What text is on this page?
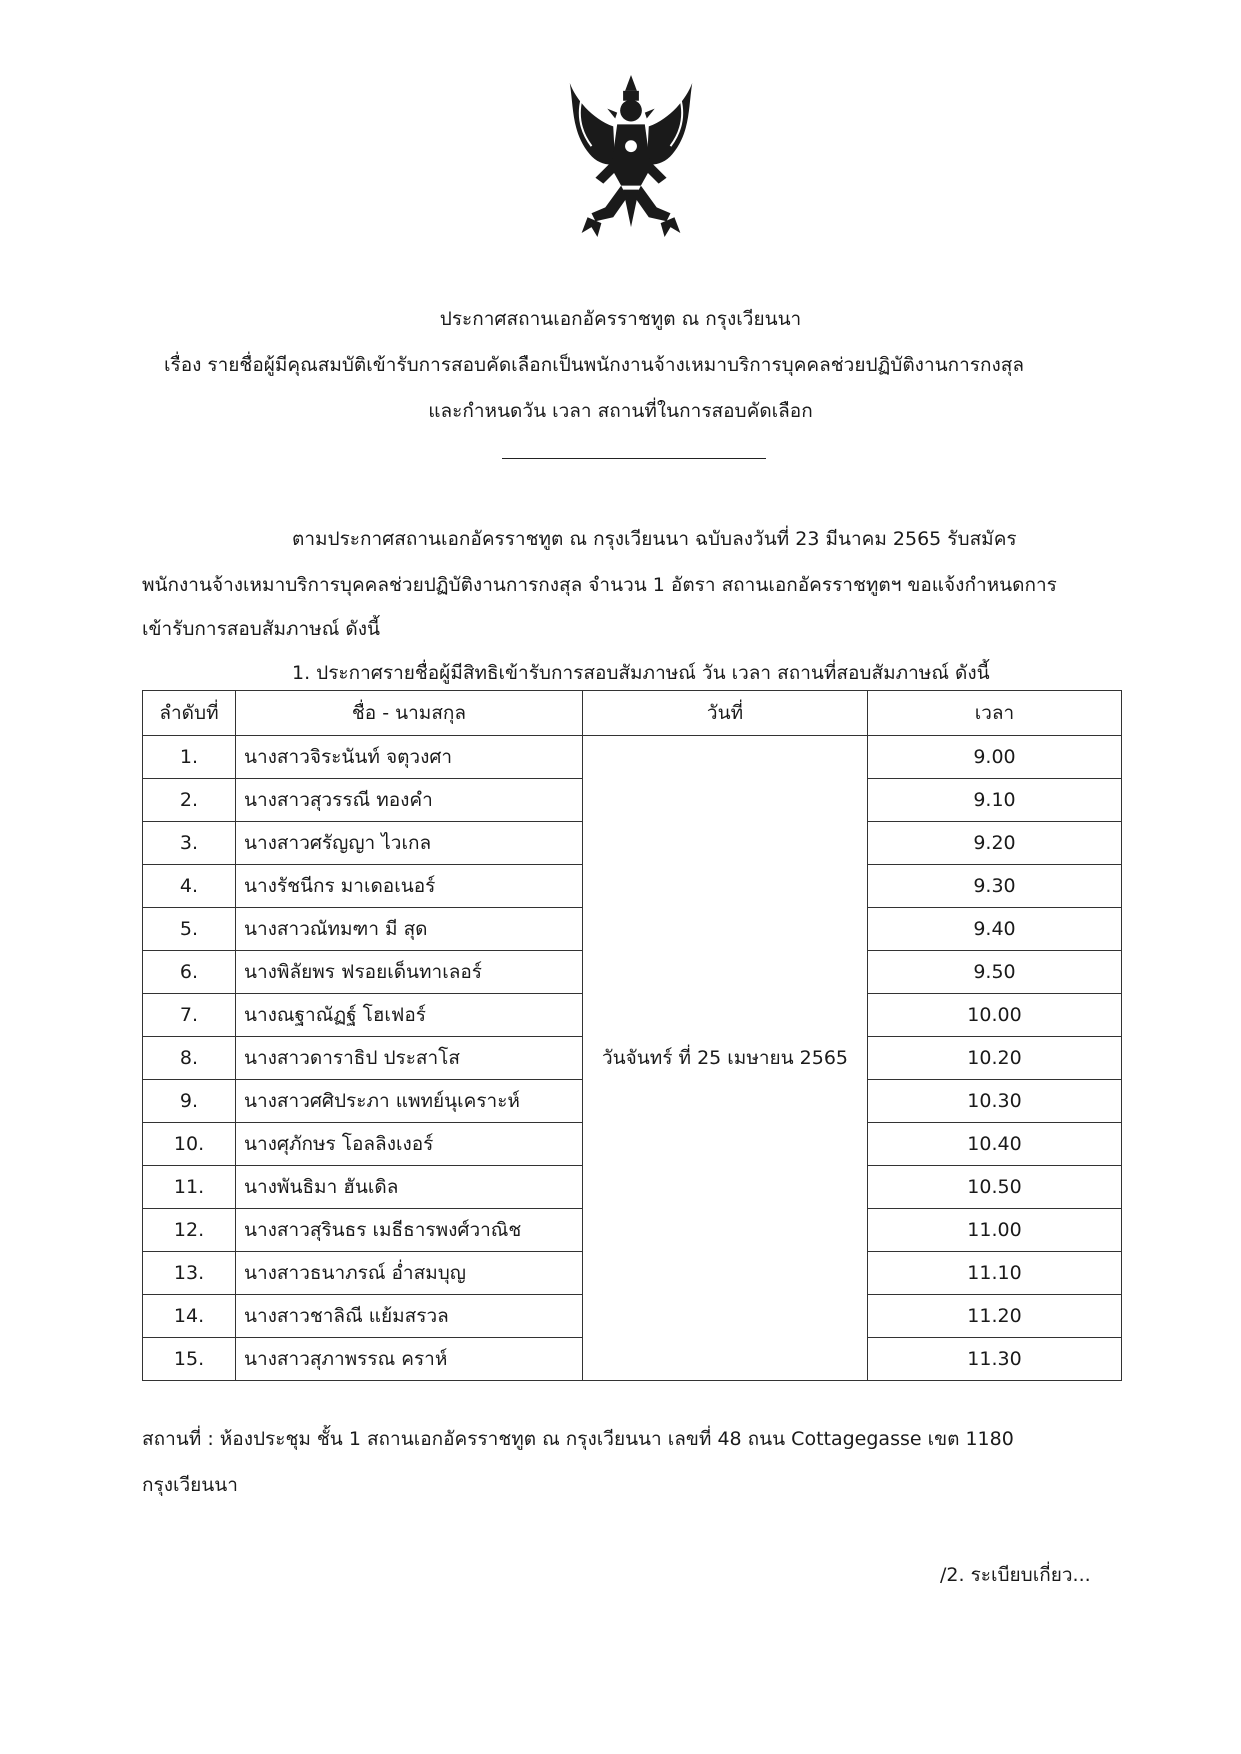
ประกาศสถานเอกอัครราชทูต ณ กรุงเวียนนา
เรื่อง รายชื่อผู้มีคุณสมบัติเข้ารับการสอบคัดเลือกเป็นพนักงานจ้างเหมาบริการบุคคลช่วยปฏิบัติงานการกงสุล
และกำหนดวัน เวลา สถานที่ในการสอบคัดเลือก
ตามประกาศสถานเอกอัครราชทูต ณ กรุงเวียนนา ฉบับลงวันที่ 23 มีนาคม 2565 รับสมัคร
พนักงานจ้างเหมาบริการบุคคลช่วยปฏิบัติงานการกงสุล จำนวน 1 อัตรา สถานเอกอัครราชทูตฯ ขอแจ้งกำหนดการ
เข้ารับการสอบสัมภาษณ์ ดังนี้
1. ประกาศรายชื่อผู้มีสิทธิเข้ารับการสอบสัมภาษณ์ วัน เวลา สถานที่สอบสัมภาษณ์ ดังนี้
ลำดับที่	ชื่อ - นามสกุล	วันที่	เวลา
1.	นางสาวจิระนันท์ จตุวงศา	วันจันทร์ ที่ 25 เมษายน 2565	9.00
2.	นางสาวสุวรรณี ทองคำ		9.10
3.	นางสาวศรัญญา ไวเกล		9.20
4.	นางรัชนีกร มาเดอเนอร์		9.30
5.	นางสาวณัทมฑา มี สุด		9.40
6.	นางพิลัยพร ฟรอยเด็นทาเลอร์		9.50
7.	นางณฐาณัฏฐ์ โฮเฟอร์		10.00
8.	นางสาวดาราธิป ประสาโส		10.20
9.	นางสาวศศิประภา แพทย์นุเคราะห์		10.30
10.	นางศุภักษร โอลลิงเงอร์		10.40
11.	นางพันธิมา ฮันเดิล		10.50
12.	นางสาวสุรินธร เมธีธารพงศ์วาณิช		11.00
13.	นางสาวธนาภรณ์ อ่ำสมบุญ		11.10
14.	นางสาวชาลิณี แย้มสรวล		11.20
15.	นางสาวสุภาพรรณ คราห์		11.30
สถานที่ : ห้องประชุม ชั้น 1 สถานเอกอัครราชทูต ณ กรุงเวียนนา เลขที่ 48 ถนน Cottagegasse เขต 1180
กรุงเวียนนา
/2. ระเบียบเกี่ยว...
